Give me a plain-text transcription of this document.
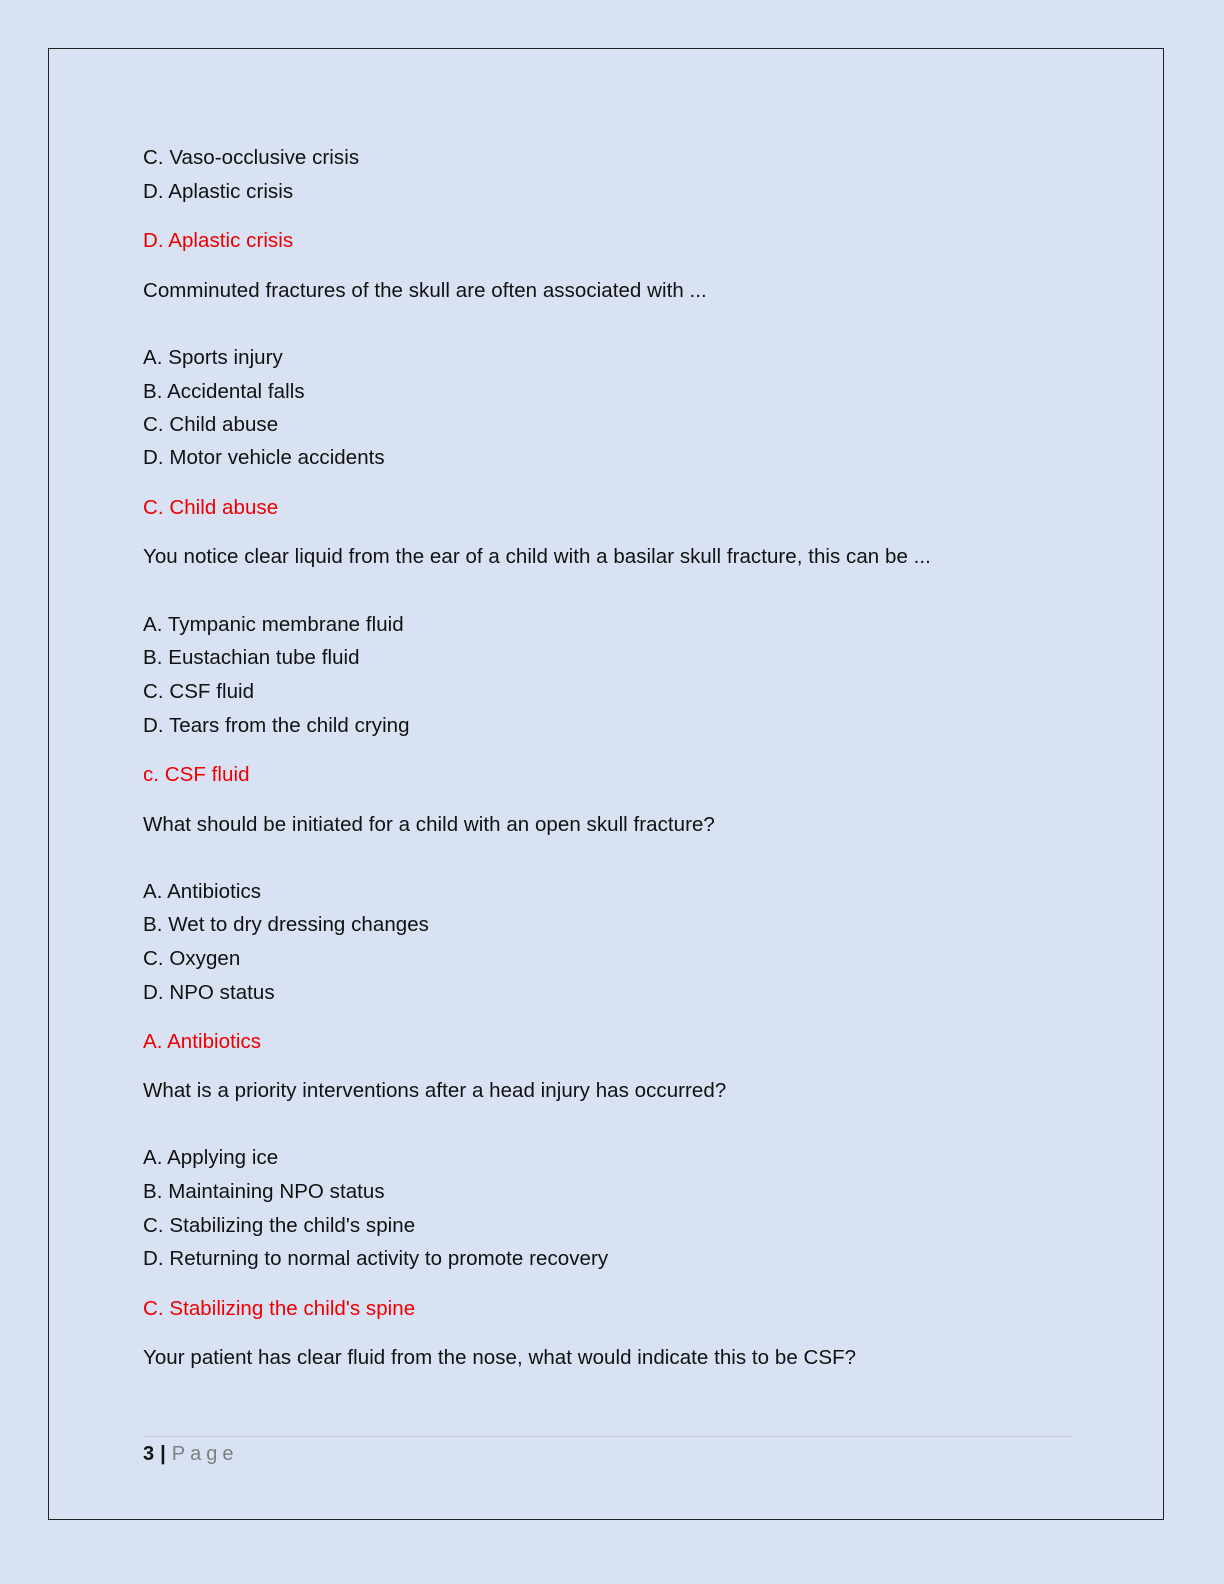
C. Vaso-occlusive crisis
D. Aplastic crisis
D. Aplastic crisis
Comminuted fractures of the skull are often associated with ...
A. Sports injury
B. Accidental falls
C. Child abuse
D. Motor vehicle accidents
C. Child abuse
You notice clear liquid from the ear of a child with a basilar skull fracture, this can be ...
A. Tympanic membrane fluid
B. Eustachian tube fluid
C. CSF fluid
D. Tears from the child crying
c. CSF fluid
What should be initiated for a child with an open skull fracture?
A. Antibiotics
B. Wet to dry dressing changes
C. Oxygen
D. NPO status
A. Antibiotics
What is a priority interventions after a head injury has occurred?
A. Applying ice
B. Maintaining NPO status
C. Stabilizing the child's spine
D. Returning to normal activity to promote recovery
C. Stabilizing the child's spine
Your patient has clear fluid from the nose, what would indicate this to be CSF?
3 | Page
